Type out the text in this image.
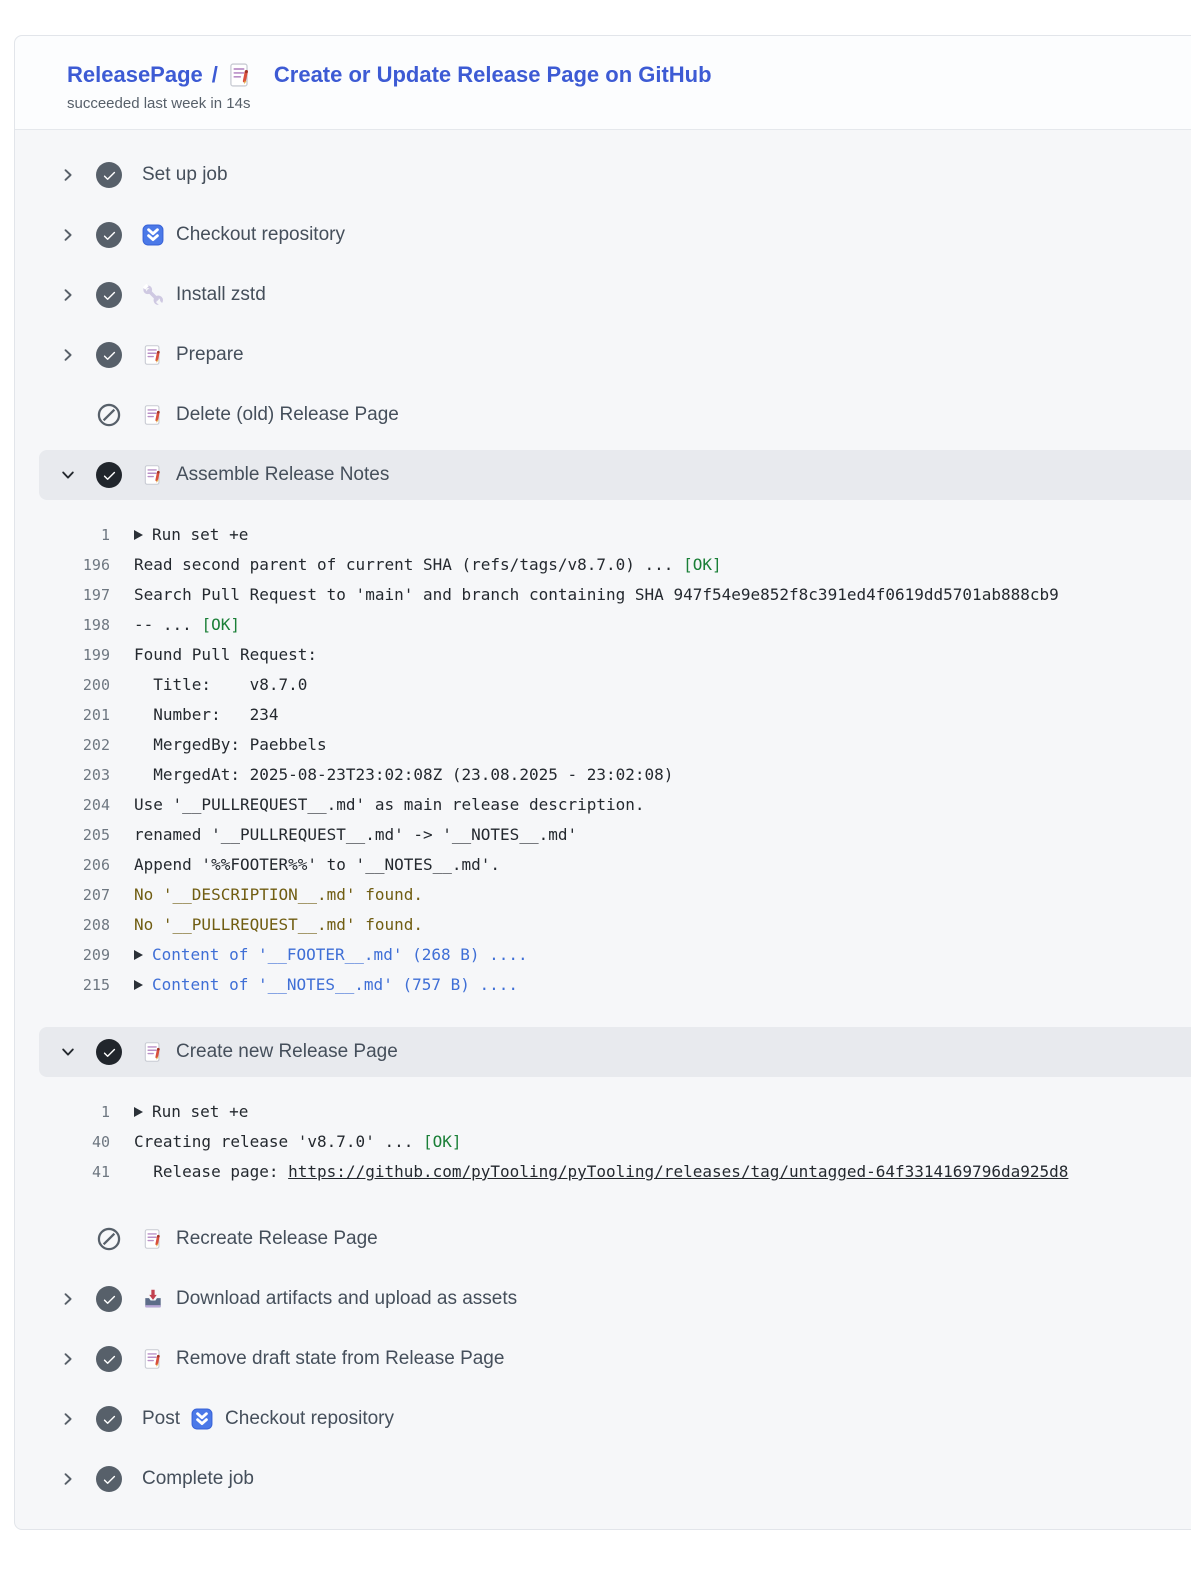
ReleasePage /	Create or Update Release Page on GitHub
succeeded last week in 14s
Set up job
Checkout repository
Install zstd
Prepare
Delete (old) Release Page
Assemble Release Notes
1	Run set +e
196 Read second parent of current SHA (refs/tags/v8.7.0) ... [OK]
197 Search Pull Request to 'main' and branch containing SHA 947f54e9e852f8c391ed4f0619dd5701ab888cb9
198 -- ... [OK]
199 Found Pull Request:
200 Title:    v8.7.0
201 Number:   234
202 MergedBy: Paebbels
203 MergedAt: 2025-08-23T23:02:08Z (23.08.2025 - 23:02:08)
204 Use '__PULLREQUEST__.md' as main release description.
205 renamed '__PULLREQUEST__.md' -> '__NOTES__.md'
206 Append '%%FOOTER%%' to '__NOTES__.md'.
207 No '__DESCRIPTION__.md' found.
208 No '__PULLREQUEST__.md' found.
209	Content of '__FOOTER__.md' (268 B) ....
215	Content of '__NOTES__.md' (757 B) ....
Create new Release Page
1	Run set +e
40 Creating release 'v8.7.0' ... [OK]
41 Release page: https://github.com/pyTooling/pyTooling/releases/tag/untagged-64f3314169796da925d8
Recreate Release Page
Download artifacts and upload as assets
Remove draft state from Release Page
Post Checkout repository
Complete job
